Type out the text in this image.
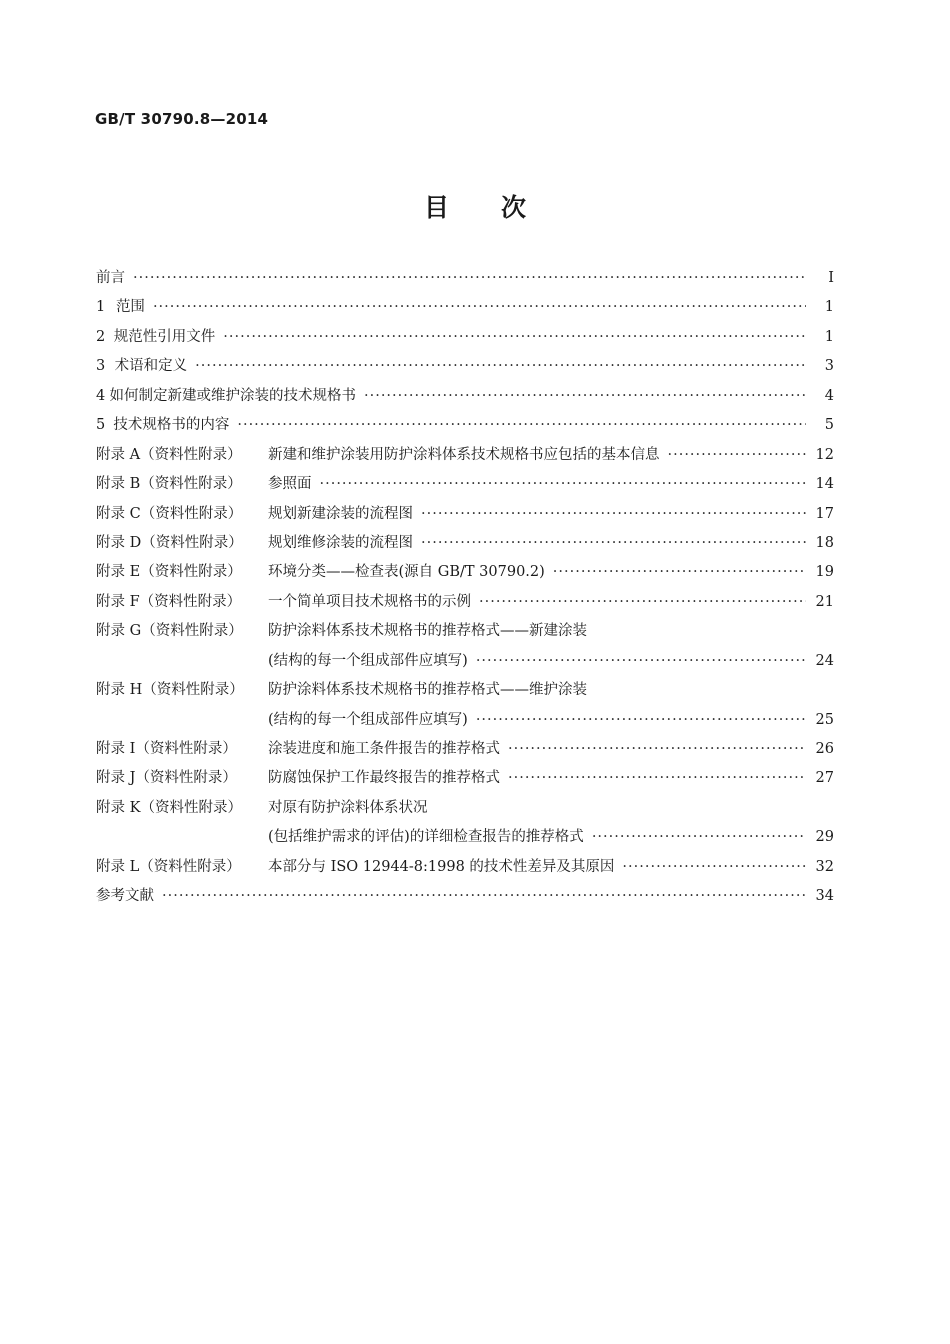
GB/T 30790.8—2014
目次
前言 ·····	Ⅰ
1 范围 ·····	1
2 规范性引用文件 ·····	1
3 术语和定义 ·····	3
4 如何制定新建或维护涂装的技术规格书 ·····	4
5 技术规格书的内容 ·····	5
附录 A（资料性附录）	新建和维护涂装用防护涂料体系技术规格书应包括的基本信息 ·····	12
附录 B（资料性附录）	参照面 ·····	14
附录 C（资料性附录）	规划新建涂装的流程图 ·····	17
附录 D（资料性附录）	规划维修涂装的流程图 ·····	18
附录 E（资料性附录）	环境分类——检查表(源自 GB/T 30790.2) ·····	19
附录 F（资料性附录）	一个简单项目技术规格书的示例 ·····	21
附录 G（资料性附录）	防护涂料体系技术规格书的推荐格式——新建涂装
(结构的每一个组成部件应填写) ·····	24
附录 H（资料性附录）	防护涂料体系技术规格书的推荐格式——维护涂装
(结构的每一个组成部件应填写) ·····	25
附录 I（资料性附录）	涂装进度和施工条件报告的推荐格式 ·····	26
附录 J（资料性附录）	防腐蚀保护工作最终报告的推荐格式 ·····	27
附录 K（资料性附录）	对原有防护涂料体系状况
(包括维护需求的评估)的详细检查报告的推荐格式 ·····	29
附录 L（资料性附录）	本部分与 ISO 12944-8:1998 的技术性差异及其原因 ·····	32
参考文献 ·····	34
